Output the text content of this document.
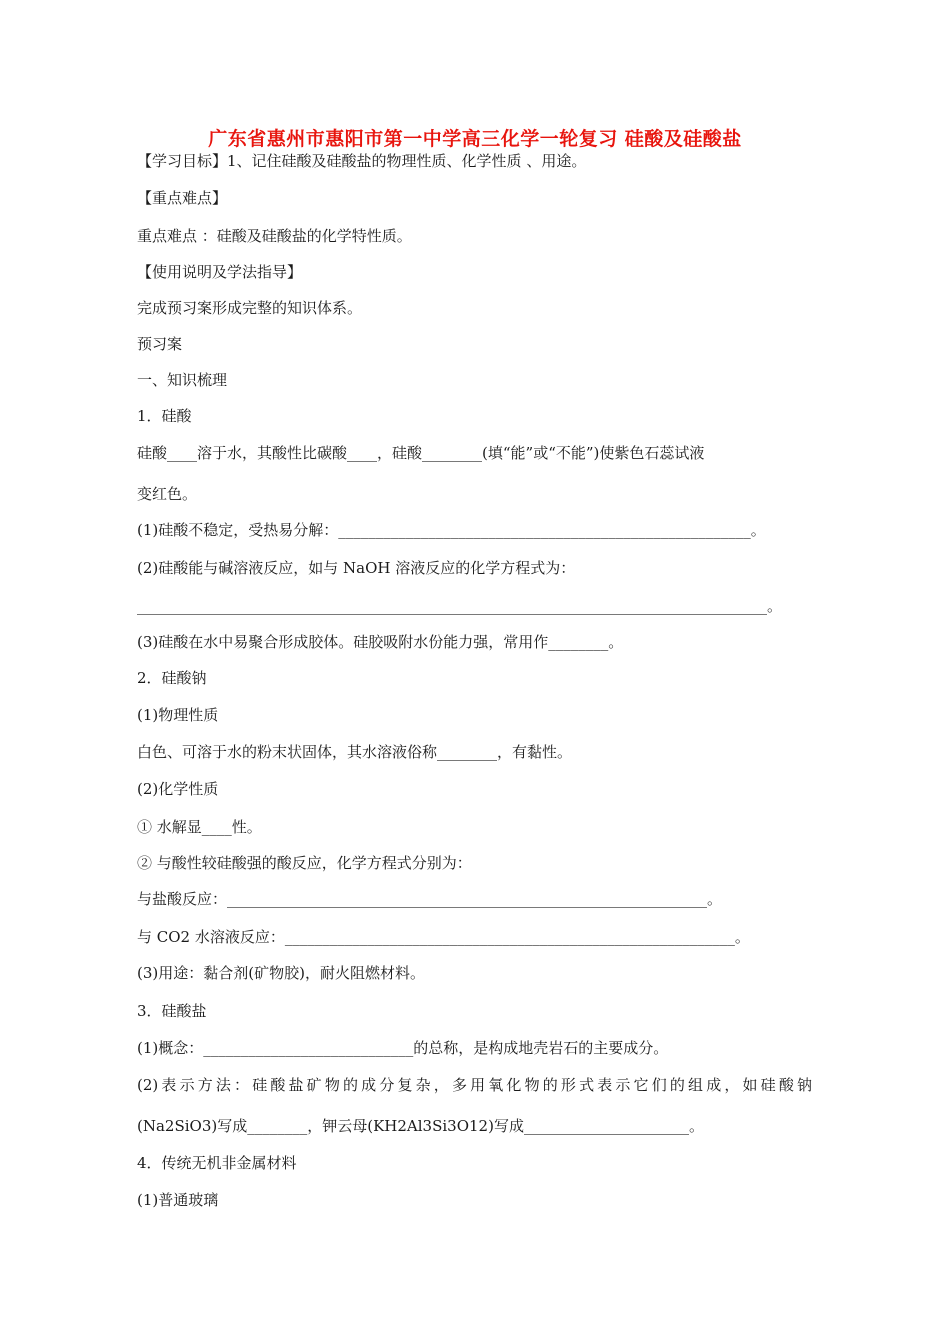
广东省惠州市惠阳市第一中学高三化学一轮复习 硅酸及硅酸盐
【学习目标】1、记住硅酸及硅酸盐的物理性质、化学性质 、用途。
【重点难点】
重点难点 ：硅酸及硅酸盐的化学特性质。
【使用说明及学法指导】
完成预习案形成完整的知识体系。
预习案
一、知识梳理
1．硅酸
硅酸____溶于水，其酸性比碳酸____，硅酸________(填“能”或“不能”)使紫色石蕊试液
变红色。
(1)硅酸不稳定，受热易分解：_______________________________________________________。
(2)硅酸能与碱溶液反应，如与 NaOH 溶液反应的化学方程式为：
____________________________________________________________________________________。
(3)硅酸在水中易聚合形成胶体。硅胶吸附水份能力强，常用作________。
2．硅酸钠
(1)物理性质
白色、可溶于水的粉末状固体，其水溶液俗称________，有黏性。
(2)化学性质
① 水解显____性。
② 与酸性较硅酸强的酸反应，化学方程式分别为：
与盐酸反应：________________________________________________________________。
与 CO2 水溶液反应：____________________________________________________________。
(3)用途：黏合剂(矿物胶)，耐火阻燃材料。
3．硅酸盐
(1)概念：____________________________的总称，是构成地壳岩石的主要成分。
(2)表示方法：硅酸盐矿物的成分复杂，多用氧化物的形式表示它们的组成，如硅酸钠
(Na2SiO3)写成________，钾云母(KH2Al3Si3O12)写成______________________。
4．传统无机非金属材料
(1)普通玻璃
